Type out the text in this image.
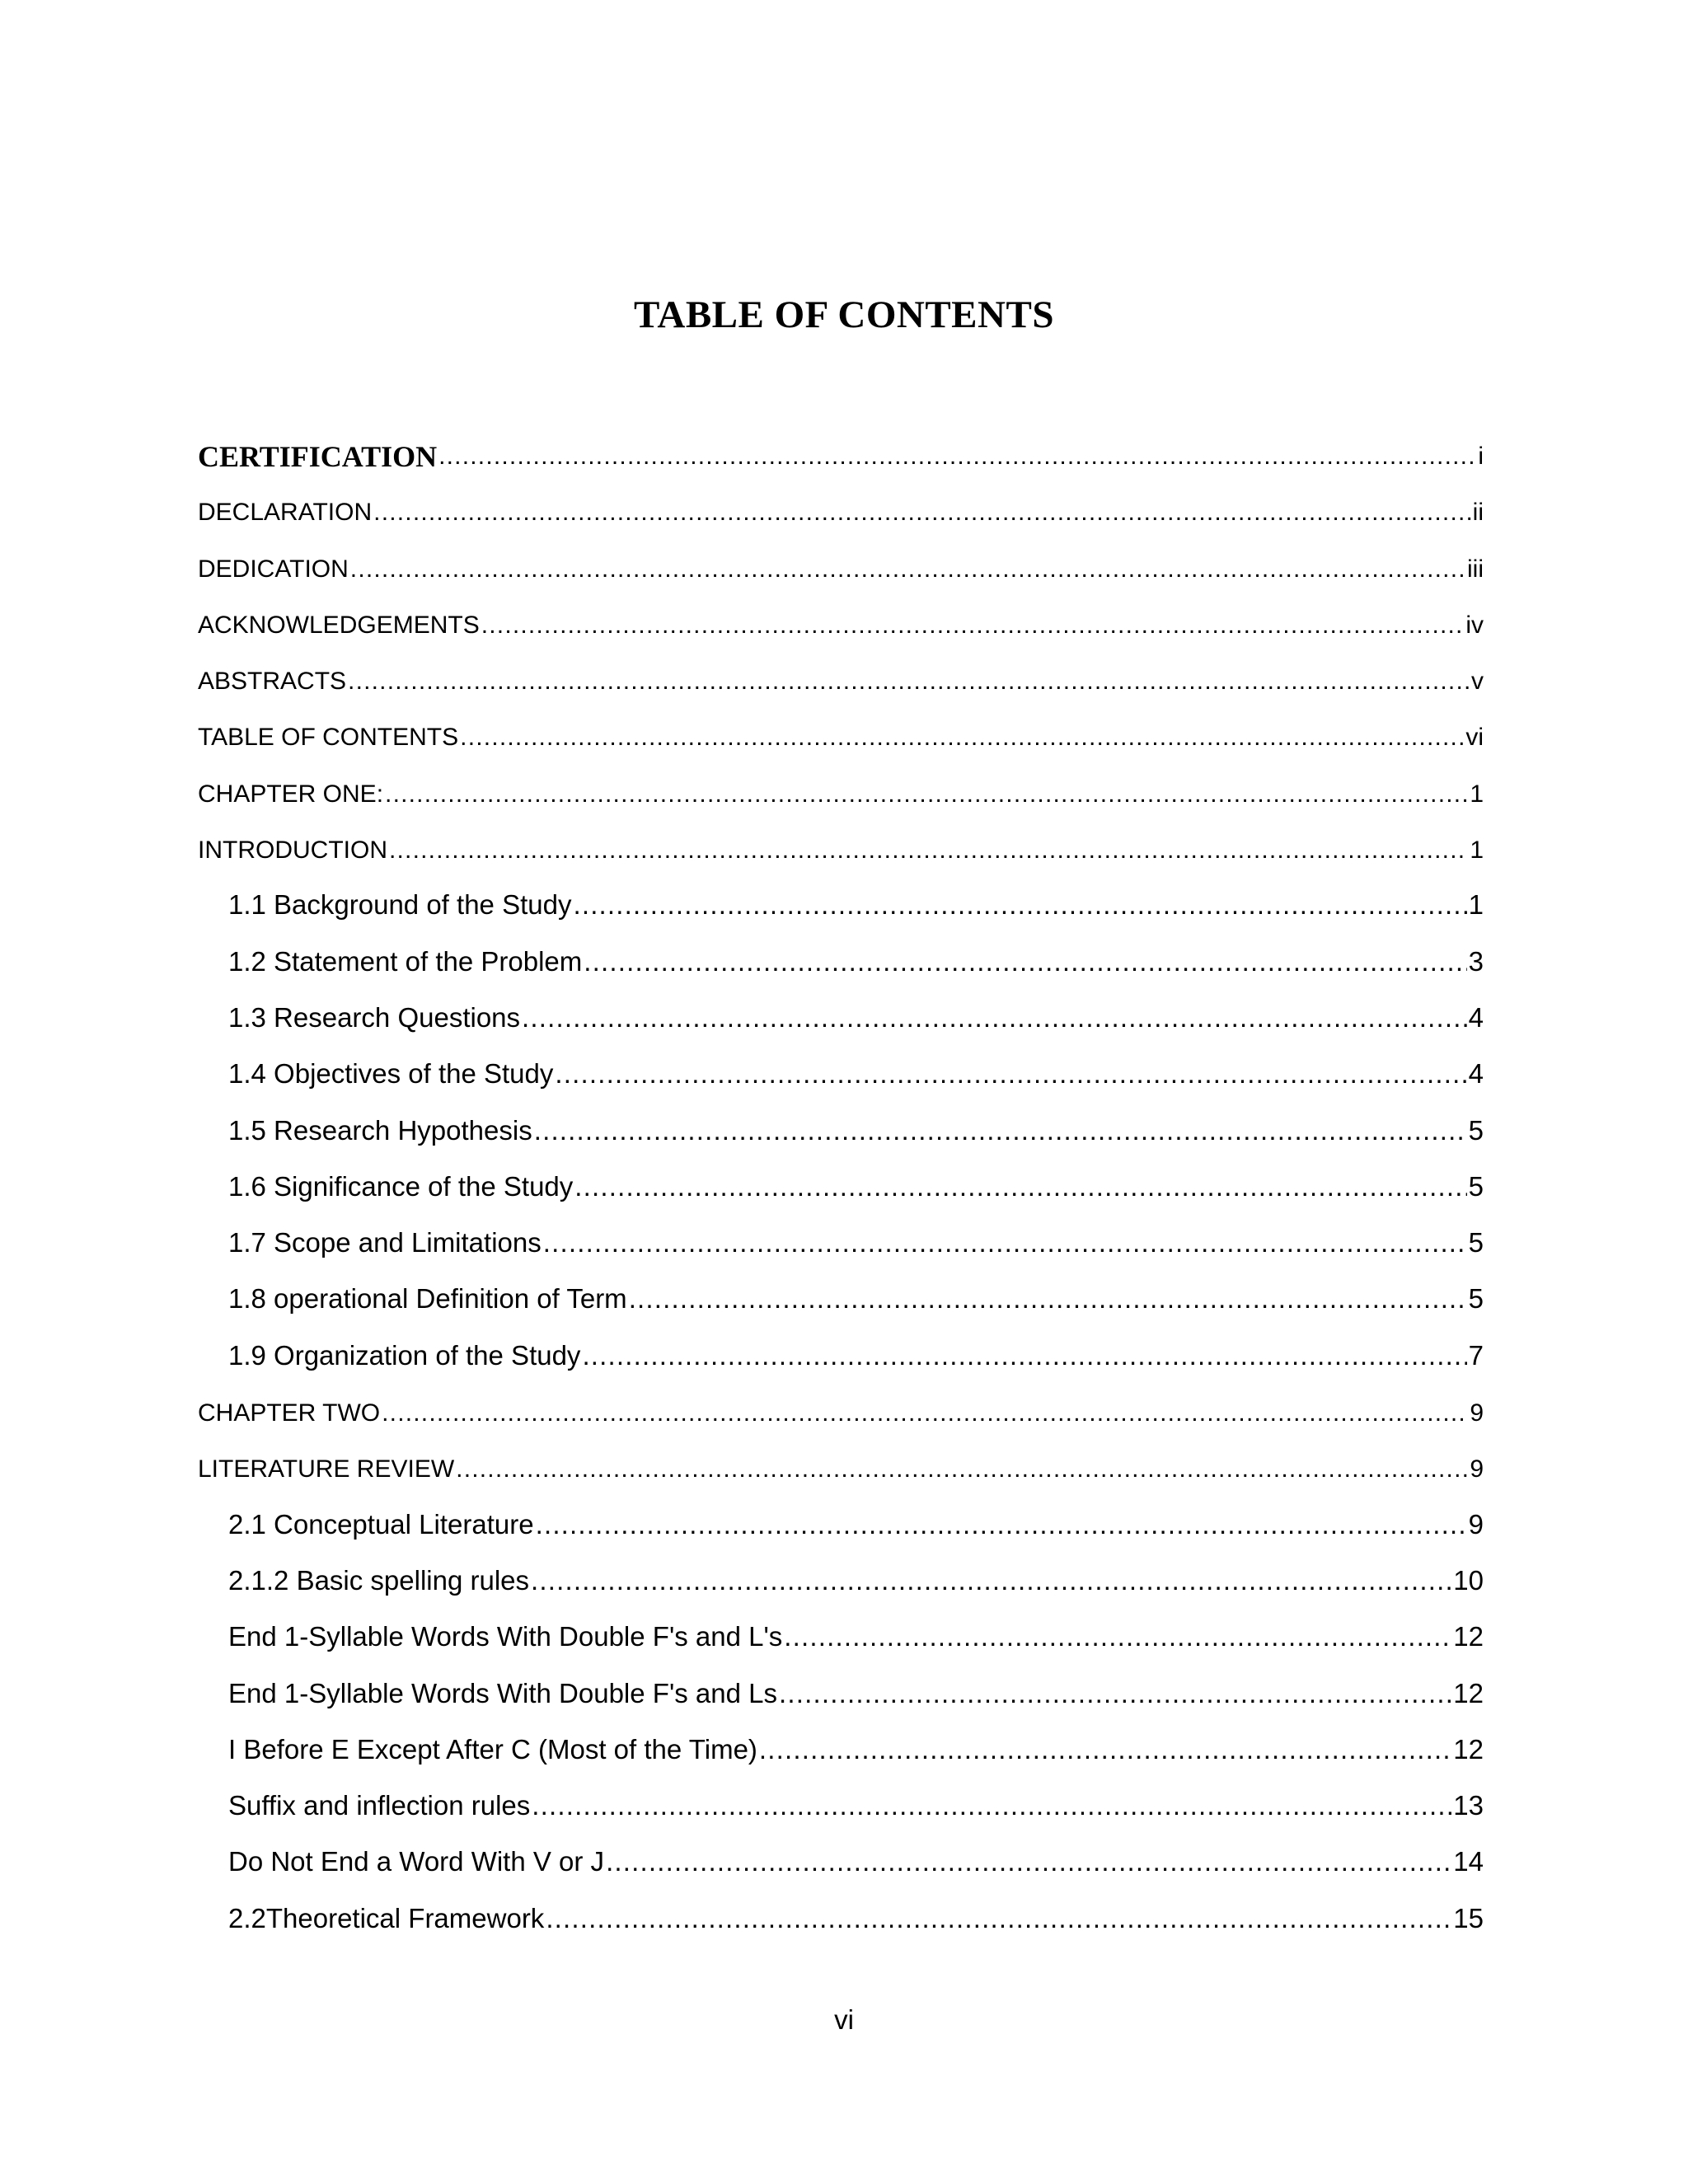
TABLE OF CONTENTS
CERTIFICATION .....	i
DECLARATION .....	ii
DEDICATION .....	iii
ACKNOWLEDGEMENTS .....	iv
ABSTRACTS .....	v
TABLE OF CONTENTS .....	vi
CHAPTER ONE: .....	1
INTRODUCTION .....	1
1.1 Background of the Study .....	1
1.2 Statement of the Problem .....	3
1.3 Research Questions .....	4
1.4 Objectives of the Study .....	4
1.5 Research Hypothesis .....	5
1.6 Significance of the Study .....	5
1.7 Scope and Limitations .....	5
1.8 operational Definition of Term .....	5
1.9 Organization of the Study .....	7
CHAPTER TWO .....	9
LITERATURE REVIEW .....	9
2.1 Conceptual Literature .....	9
2.1.2 Basic spelling rules .....	10
End 1-Syllable Words With Double F's and L's .....	12
End 1-Syllable Words With Double F's and Ls .....	12
I Before E Except After C (Most of the Time) .....	12
Suffix and inflection rules .....	13
Do Not End a Word With V or J .....	14
2.2Theoretical Framework .....	15
vi
